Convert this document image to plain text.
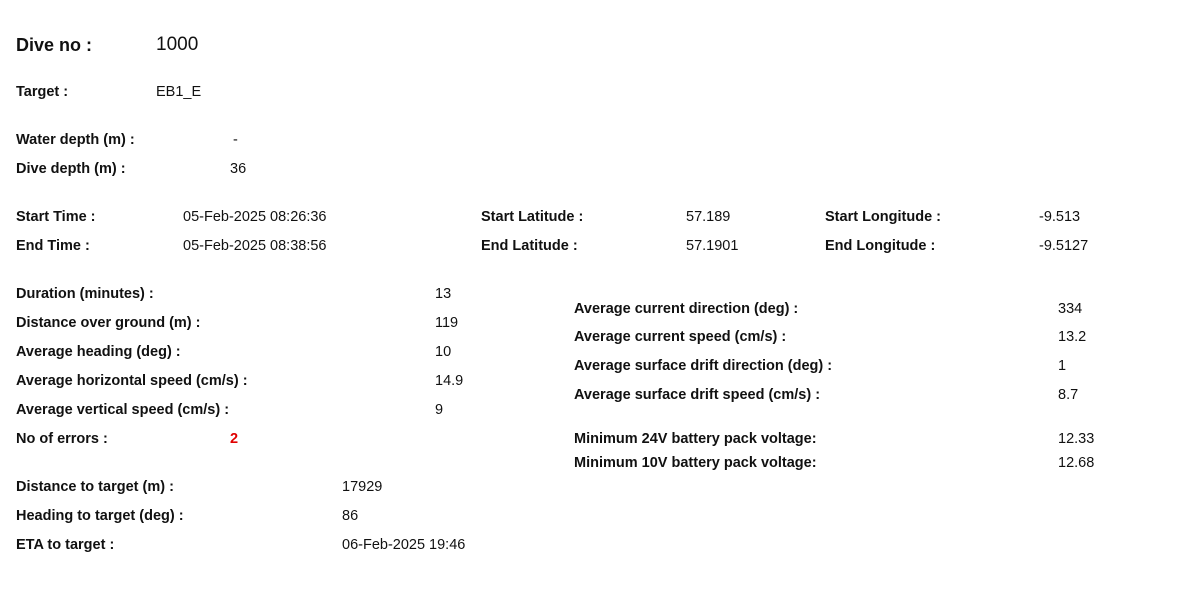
Dive no :	1000
Target :	EB1_E
Water depth (m) :	-
Dive depth (m) :	36
Start Time :	05-Feb-2025 08:26:36
End Time :	05-Feb-2025 08:38:56
Start Latitude :	57.189
End Latitude :	57.1901
Start Longitude :	-9.513
End Longitude :	-9.5127
Duration (minutes) :	13
Distance over ground (m) :	119
Average heading (deg) :	10
Average horizontal speed (cm/s) :	14.9
Average vertical speed (cm/s) :	9
No of errors :	2
Distance to target (m) :	17929
Heading to target (deg) :	86
ETA to target :	06-Feb-2025 19:46
Average current direction (deg) :	334
Average current speed (cm/s) :	13.2
Average surface drift direction (deg) :	1
Average surface drift speed (cm/s) :	8.7
Minimum 24V battery pack voltage:	12.33
Minimum 10V battery pack voltage:	12.68
